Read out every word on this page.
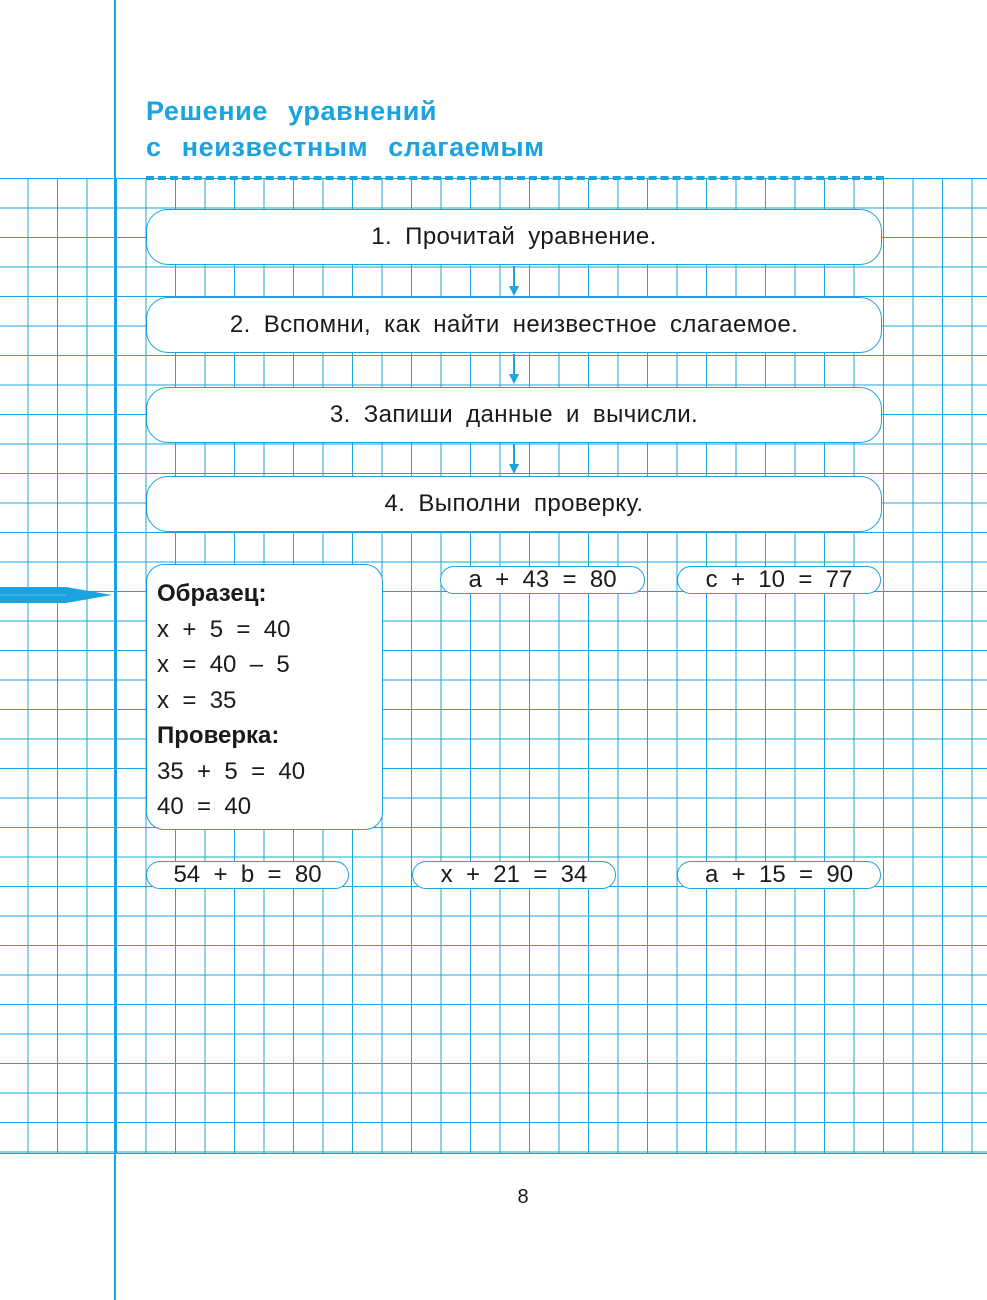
Решение уравнений
с неизвестным слагаемым
1. Прочитай уравнение.
2. Вспомни, как найти неизвестное слагаемое.
3. Запиши данные и вычисли.
4. Выполни проверку.
Образец:
x  +  5  =  40
x  =  40  –  5
x  =  35
Проверка:
35  +  5  =  40
40  =  40
a  +  43  =  80	c  +  10  =  77
54  +  b  =  80	x  +  21  =  34	a  +  15  =  90
8
